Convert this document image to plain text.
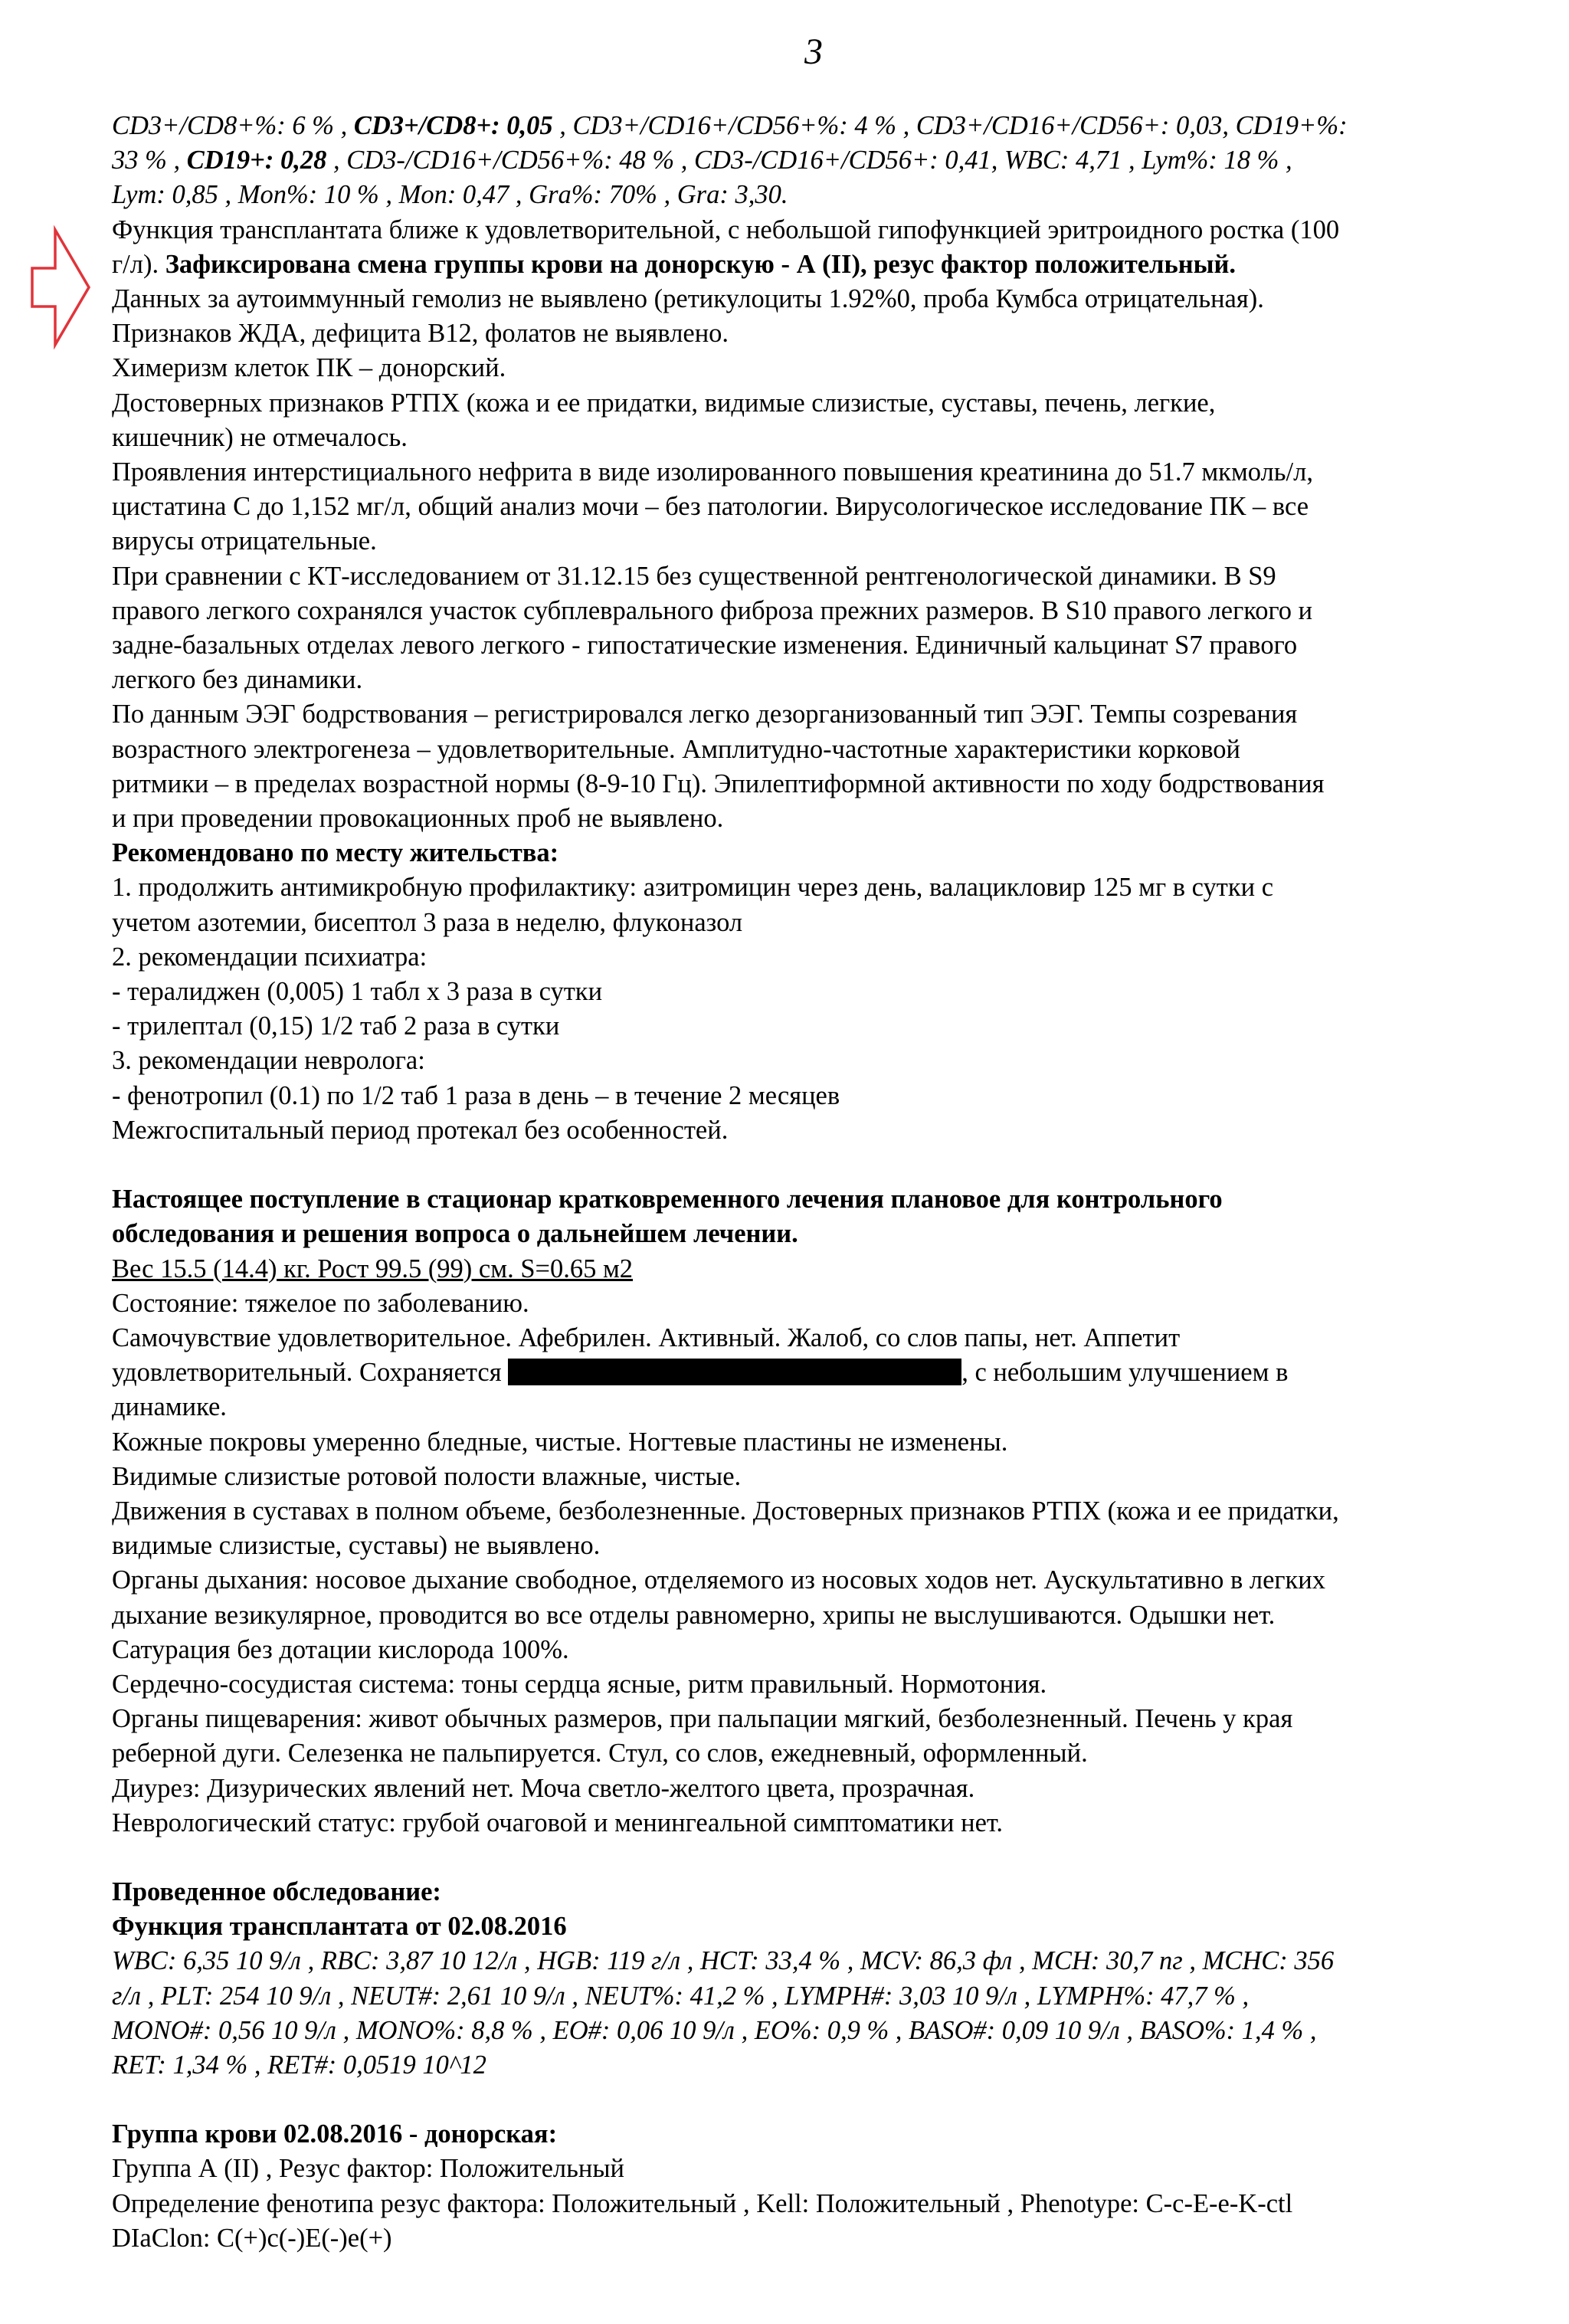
3
CD3+/CD8+%: 6 % , CD3+/CD8+: 0,05 , CD3+/CD16+/CD56+%: 4 % , CD3+/CD16+/CD56+: 0,03, CD19+%:
33 % , CD19+: 0,28 , CD3-/CD16+/CD56+%: 48 % , CD3-/CD16+/CD56+: 0,41, WBC: 4,71 , Lym%: 18 % ,
Lym: 0,85 , Mon%: 10 % , Mon: 0,47 , Gra%: 70% , Gra: 3,30.
Функция трансплантата ближе к удовлетворительной, с небольшой гипофункцией эритроидного ростка (100
г/л). Зафиксирована смена группы крови на донорскую - А (II), резус фактор положительный.
Данных за аутоиммунный гемолиз не выявлено (ретикулоциты 1.92%0, проба Кумбса отрицательная).
Признаков ЖДА, дефицита В12, фолатов не выявлено.
Химеризм клеток ПК – донорский.
Достоверных признаков РТПХ (кожа и ее придатки, видимые слизистые, суставы, печень, легкие,
кишечник) не отмечалось.
Проявления интерстициального нефрита в виде изолированного повышения креатинина до 51.7 мкмоль/л,
цистатина С до 1,152 мг/л, общий анализ мочи – без патологии. Вирусологическое исследование ПК – все
вирусы отрицательные.
При сравнении с КТ-исследованием от 31.12.15 без существенной рентгенологической динамики. В S9
правого легкого сохранялся участок субплеврального фиброза прежних размеров. В S10 правого легкого и
задне-базальных отделах левого легкого - гипостатические изменения. Единичный кальцинат S7 правого
легкого без динамики.
По данным ЭЭГ бодрствования – регистрировался легко дезорганизованный тип ЭЭГ. Темпы созревания
возрастного электрогенеза – удовлетворительные. Амплитудно-частотные характеристики корковой
ритмики – в пределах возрастной нормы (8-9-10 Гц). Эпилептиформной активности по ходу бодрствования
и при проведении провокационных проб не выявлено.
Рекомендовано по месту жительства:
1. продолжить антимикробную профилактику: азитромицин через день, валацикловир 125 мг в сутки с
учетом азотемии, бисептол 3 раза в неделю, флуконазол
2. рекомендации психиатра:
- тералиджен (0,005) 1 табл х 3 раза в сутки
- трилептал (0,15) 1/2 таб 2 раза в сутки
3. рекомендации невролога:
- фенотропил (0.1) по 1/2 таб 1 раза в день – в течение 2 месяцев
Межгоспитальный период протекал без особенностей.
Настоящее поступление в стационар кратковременного лечения плановое для контрольного
обследования и решения вопроса о дальнейшем лечении.
Вес 15.5 (14.4) кг. Рост 99.5 (99) см. S=0.65 м2
Состояние: тяжелое по заболеванию.
Самочувствие удовлетворительное. Афебрилен. Активный. Жалоб, со слов папы, нет. Аппетит
удовлетворительный. Сохраняется	, с небольшим улучшением в
динамике.
Кожные покровы умеренно бледные, чистые. Ногтевые пластины не изменены.
Видимые слизистые ротовой полости влажные, чистые.
Движения в суставах в полном объеме, безболезненные. Достоверных признаков РТПХ (кожа и ее придатки,
видимые слизистые, суставы) не выявлено.
Органы дыхания: носовое дыхание свободное, отделяемого из носовых ходов нет. Аускультативно в легких
дыхание везикулярное, проводится во все отделы равномерно, хрипы не выслушиваются. Одышки нет.
Сатурация без дотации кислорода 100%.
Сердечно-сосудистая система: тоны сердца ясные, ритм правильный. Нормотония.
Органы пищеварения: живот обычных размеров, при пальпации мягкий, безболезненный. Печень у края
реберной дуги. Селезенка не пальпируется. Стул, со слов, ежедневный, оформленный.
Диурез: Дизурических явлений нет. Моча светло-желтого цвета, прозрачная.
Неврологический статус: грубой очаговой и менингеальной симптоматики нет.
Проведенное обследование:
Функция трансплантата от 02.08.2016
WBC: 6,35 10 9/л , RBC: 3,87 10 12/л , HGB: 119 г/л , HCT: 33,4 % , MCV: 86,3 фл , MCH: 30,7 пг , MCHC: 356
г/л , PLT: 254 10 9/л , NEUT#: 2,61 10 9/л , NEUT%: 41,2 % , LYMPH#: 3,03 10 9/л , LYMPH%: 47,7 % ,
MONO#: 0,56 10 9/л , MONO%: 8,8 % , EO#: 0,06 10 9/л , EO%: 0,9 % , BASO#: 0,09 10 9/л , BASO%: 1,4 % ,
RET: 1,34 % , RET#: 0,0519 10^12
Группа крови 02.08.2016 - донорская:
Группа А (II) , Резус фактор: Положительный
Определение фенотипа резус фактора: Положительный , Kell: Положительный , Phenotype: C-c-E-e-K-ctl
DIaClon: C(+)c(-)E(-)e(+)
